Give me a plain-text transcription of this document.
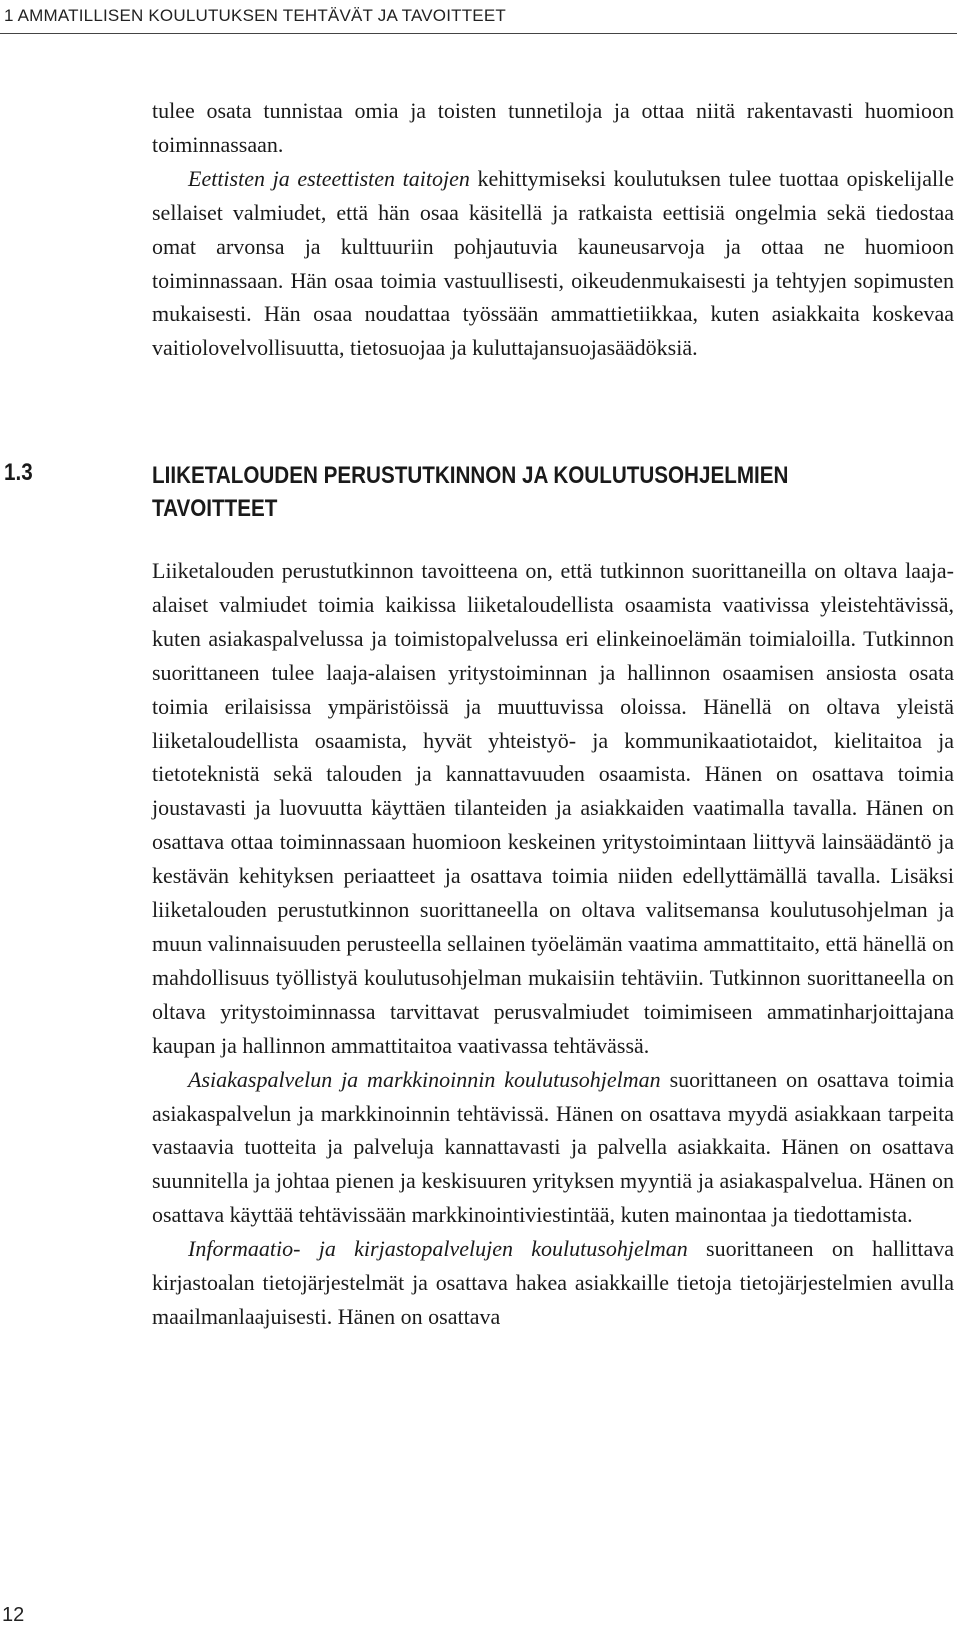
1 AMMATILLISEN KOULUTUKSEN TEHTÄVÄT JA TAVOITTEET

tulee osata tunnistaa omia ja toisten tunnetiloja ja ottaa niitä rakentavasti huomioon toiminnassaan.

Eettisten ja esteettisten taitojen kehittymiseksi koulutuksen tulee tuottaa opiskelijalle sellaiset valmiudet, että hän osaa käsitellä ja ratkaista eettisiä ongelmia sekä tiedostaa omat arvonsa ja kulttuuriin pohjautuvia kauneusarvoja ja ottaa ne huomioon toiminnassaan. Hän osaa toimia vastuullisesti, oikeudenmukaisesti ja tehtyjen sopimusten mukaisesti. Hän osaa noudattaa työssään ammattietiikkaa, kuten asiakkaita koskevaa vaitiolovelvollisuutta, tietosuojaa ja kuluttajansuojasäädöksiä.

1.3	LIIKETALOUDEN PERUSTUTKINNON JA KOULUTUSOHJELMIEN TAVOITTEET

Liiketalouden perustutkinnon tavoitteena on, että tutkinnon suorittaneilla on oltava laaja-alaiset valmiudet toimia kaikissa liiketaloudellista osaamista vaativissa yleistehtävissä, kuten asiakaspalvelussa ja toimistopalvelussa eri elinkeinoelämän toimialoilla. Tutkinnon suorittaneen tulee laaja-alaisen yritystoiminnan ja hallinnon osaamisen ansiosta osata toimia erilaisissa ympäristöissä ja muuttuvissa oloissa. Hänellä on oltava yleistä liiketaloudellista osaamista, hyvät yhteistyö- ja kommunikaatiotaidot, kielitaitoa ja tietoteknistä sekä talouden ja kannattavuuden osaamista. Hänen on osattava toimia joustavasti ja luovuutta käyttäen tilanteiden ja asiakkaiden vaatimalla tavalla. Hänen on osattava ottaa toiminnassaan huomioon keskeinen yritystoimintaan liittyvä lainsäädäntö ja kestävän kehityksen periaatteet ja osattava toimia niiden edellyttämällä tavalla. Lisäksi liiketalouden perustutkinnon suorittaneella on oltava valitsemansa koulutusohjelman ja muun valinnaisuuden perusteella sellainen työelämän vaatima ammattitaito, että hänellä on mahdollisuus työllistyä koulutusohjelman mukaisiin tehtäviin. Tutkinnon suorittaneella on oltava yritystoiminnassa tarvittavat perusvalmiudet toimimiseen ammatinharjoittajana kaupan ja hallinnon ammattitaitoa vaativassa tehtävässä.

Asiakaspalvelun ja markkinoinnin koulutusohjelman suorittaneen on osattava toimia asiakaspalvelun ja markkinoinnin tehtävissä. Hänen on osattava myydä asiakkaan tarpeita vastaavia tuotteita ja palveluja kannattavasti ja palvella asiakkaita. Hänen on osattava suunnitella ja johtaa pienen ja keskisuuren yrityksen myyntiä ja asiakaspalvelua. Hänen on osattava käyttää tehtävissään markkinointiviestintää, kuten mainontaa ja tiedottamista.

Informaatio- ja kirjastopalvelujen koulutusohjelman suorittaneen on hallittava kirjastoalan tietojärjestelmät ja osattava hakea asiakkaille tietoja tietojärjestelmien avulla maailmanlaajuisesti. Hänen on osattava

12
